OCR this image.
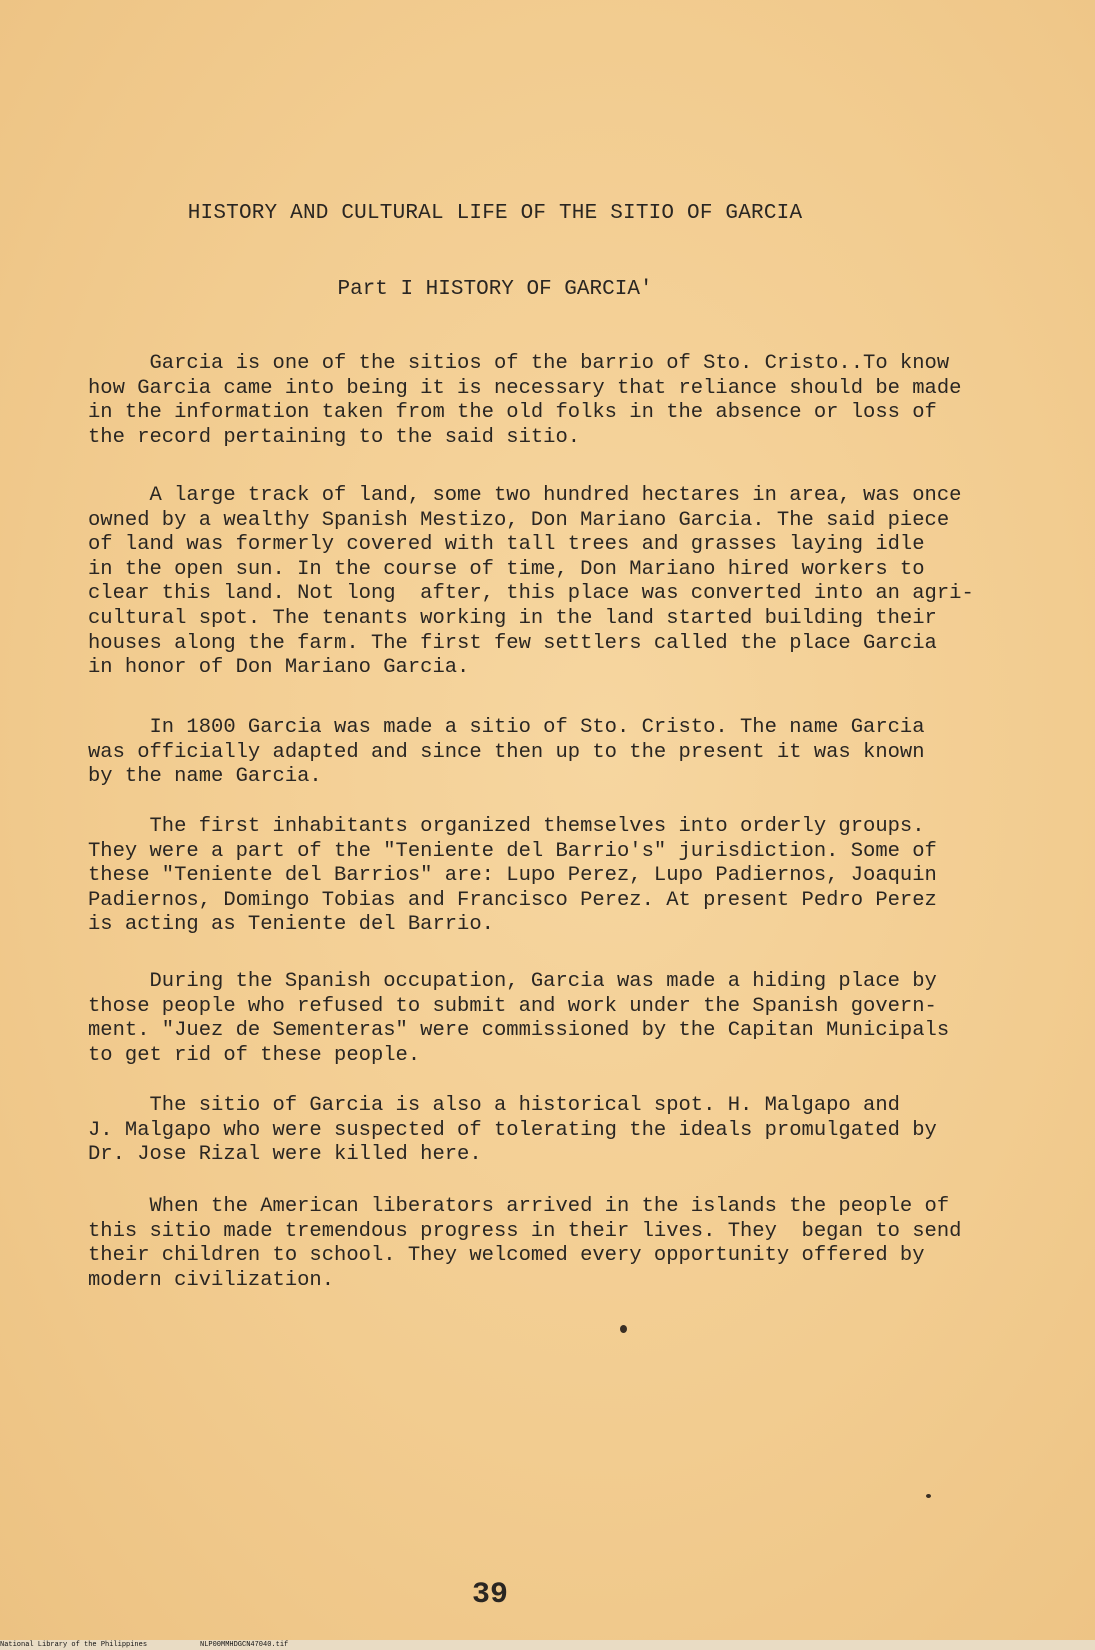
HISTORY AND CULTURAL LIFE OF THE SITIO OF GARCIA
Part I HISTORY OF GARCIA′
Garcia is one of the sitios of the barrio of Sto. Cristo..To know
how Garcia came into being it is necessary that reliance should be made
in the information taken from the old folks in the absence or loss of
the record pertaining to the said sitio.
A large track of land, some two hundred hectares in area, was once
owned by a wealthy Spanish Mestizo, Don Mariano Garcia. The said piece
of land was formerly covered with tall trees and grasses laying idle
in the open sun. In the course of time, Don Mariano hired workers to
clear this land. Not long  after, this place was converted into an agri-
cultural spot. The tenants working in the land started building their
houses along the farm. The first few settlers called the place Garcia
in honor of Don Mariano Garcia.
In 1800 Garcia was made a sitio of Sto. Cristo. The name Garcia
was officially adapted and since then up to the present it was known
by the name Garcia.
The first inhabitants organized themselves into orderly groups.
They were a part of the "Teniente del Barrio's" jurisdiction. Some of
these "Teniente del Barrios" are: Lupo Perez, Lupo Padiernos, Joaquin
Padiernos, Domingo Tobias and Francisco Perez. At present Pedro Perez
is acting as Teniente del Barrio.
During the Spanish occupation, Garcia was made a hiding place by
those people who refused to submit and work under the Spanish govern-
ment. "Juez de Sementeras" were commissioned by the Capitan Municipals
to get rid of these people.
The sitio of Garcia is also a historical spot. H. Malgapo and
J. Malgapo who were suspected of tolerating the ideals promulgated by
Dr. Jose Rizal were killed here.
When the American liberators arrived in the islands the people of
this sitio made tremendous progress in their lives. They  began to send
their children to school. They welcomed every opportunity offered by
modern civilization.
39
National Library of the Philippines	NLP00MMHDGCN47040.tif
